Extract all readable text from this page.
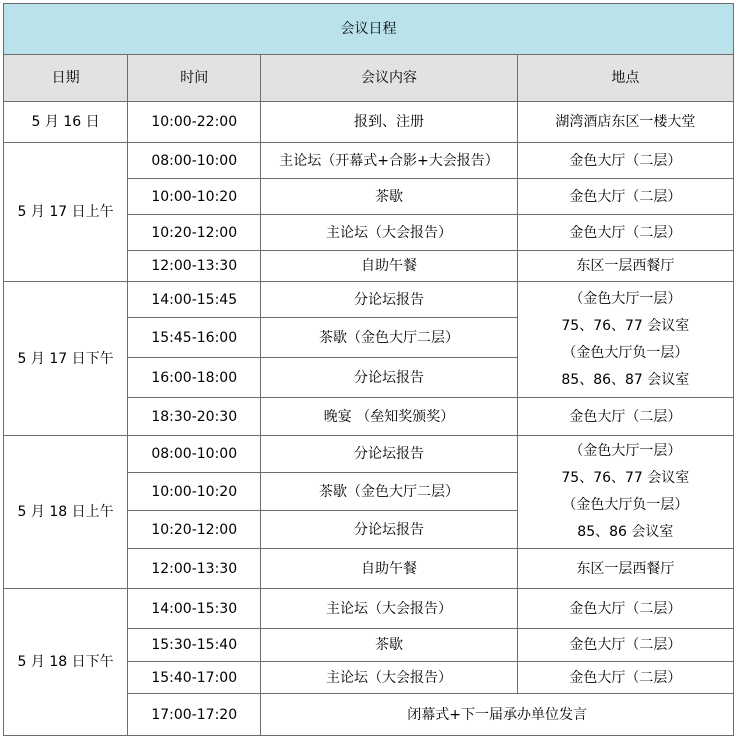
会议日程			
日期	时间	会议内容	地点
5 月 16 日	10:00-22:00	报到、注册	湖湾酒店东区一楼大堂
5 月 17 日上午	08:00-10:00	主论坛（开幕式+合影+大会报告）	金色大厅（二层）
	10:00-10:20	茶歇	金色大厅（二层）
	10:20-12:00	主论坛（大会报告）	金色大厅（二层）
	12:00-13:30	自助午餐	东区一层西餐厅
5 月 17 日下午	14:00-15:45	分论坛报告	（金色大厅一层）
75、76、77 会议室
（金色大厅负一层）
85、86、87 会议室

	15:45-16:00	茶歇（金色大厅二层）	
	16:00-18:00	分论坛报告	
	18:30-20:30	晚宴 （垒知奖颁奖）	金色大厅（二层）
5 月 18 日上午	08:00-10:00	分论坛报告	（金色大厅一层）
75、76、77 会议室
（金色大厅负一层）
85、86 会议室

	10:00-10:20	茶歇（金色大厅二层）	
	10:20-12:00	分论坛报告	
	12:00-13:30	自助午餐	东区一层西餐厅
5 月 18 日下午	14:00-15:30	主论坛（大会报告）	金色大厅（二层）
	15:30-15:40	茶歇	金色大厅（二层）
	15:40-17:00	主论坛（大会报告）	金色大厅（二层）
	17:00-17:20	闭幕式+下一届承办单位发言	
